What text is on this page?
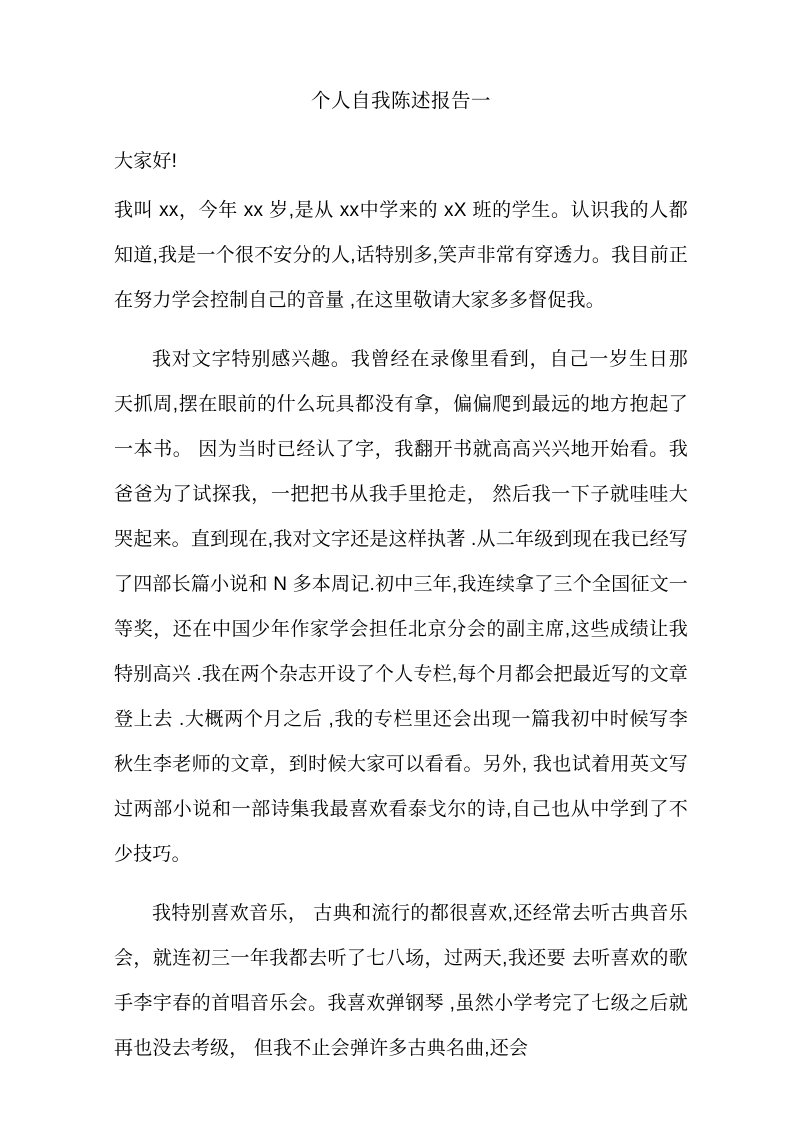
个人自我陈述报告一

大家好!

我叫 xx，今年 xx 岁,是从 xx中学来的 xX 班的学生。认识我的人都知道,我是一个很不安分的人,话特别多,笑声非常有穿透力。我目前正在努力学会控制自己的音量 ,在这里敬请大家多多督促我。

我对文字特别感兴趣。我曾经在录像里看到，自己一岁生日那天抓周,摆在眼前的什么玩具都没有拿，偏偏爬到最远的地方抱起了一本书。 因为当时已经认了字，我翻开书就高高兴兴地开始看。我爸爸为了试探我，一把把书从我手里抢走， 然后我一下子就哇哇大哭起来。直到现在,我对文字还是这样执著 .从二年级到现在我已经写了四部长篇小说和 N 多本周记.初中三年,我连续拿了三个全国征文一等奖，还在中国少年作家学会担任北京分会的副主席,这些成绩让我特别高兴 .我在两个杂志开设了个人专栏,每个月都会把最近写的文章登上去 .大概两个月之后 ,我的专栏里还会出现一篇我初中时候写李秋生李老师的文章，到时候大家可以看看。另外, 我也试着用英文写过两部小说和一部诗集我最喜欢看泰戈尔的诗,自己也从中学到了不少技巧。

我特别喜欢音乐， 古典和流行的都很喜欢,还经常去听古典音乐会，就连初三一年我都去听了七八场，过两天,我还要 去听喜欢的歌手李宇春的首唱音乐会。我喜欢弹钢琴 ,虽然小学考完了七级之后就再也没去考级， 但我不止会弹许多古典名曲,还会
